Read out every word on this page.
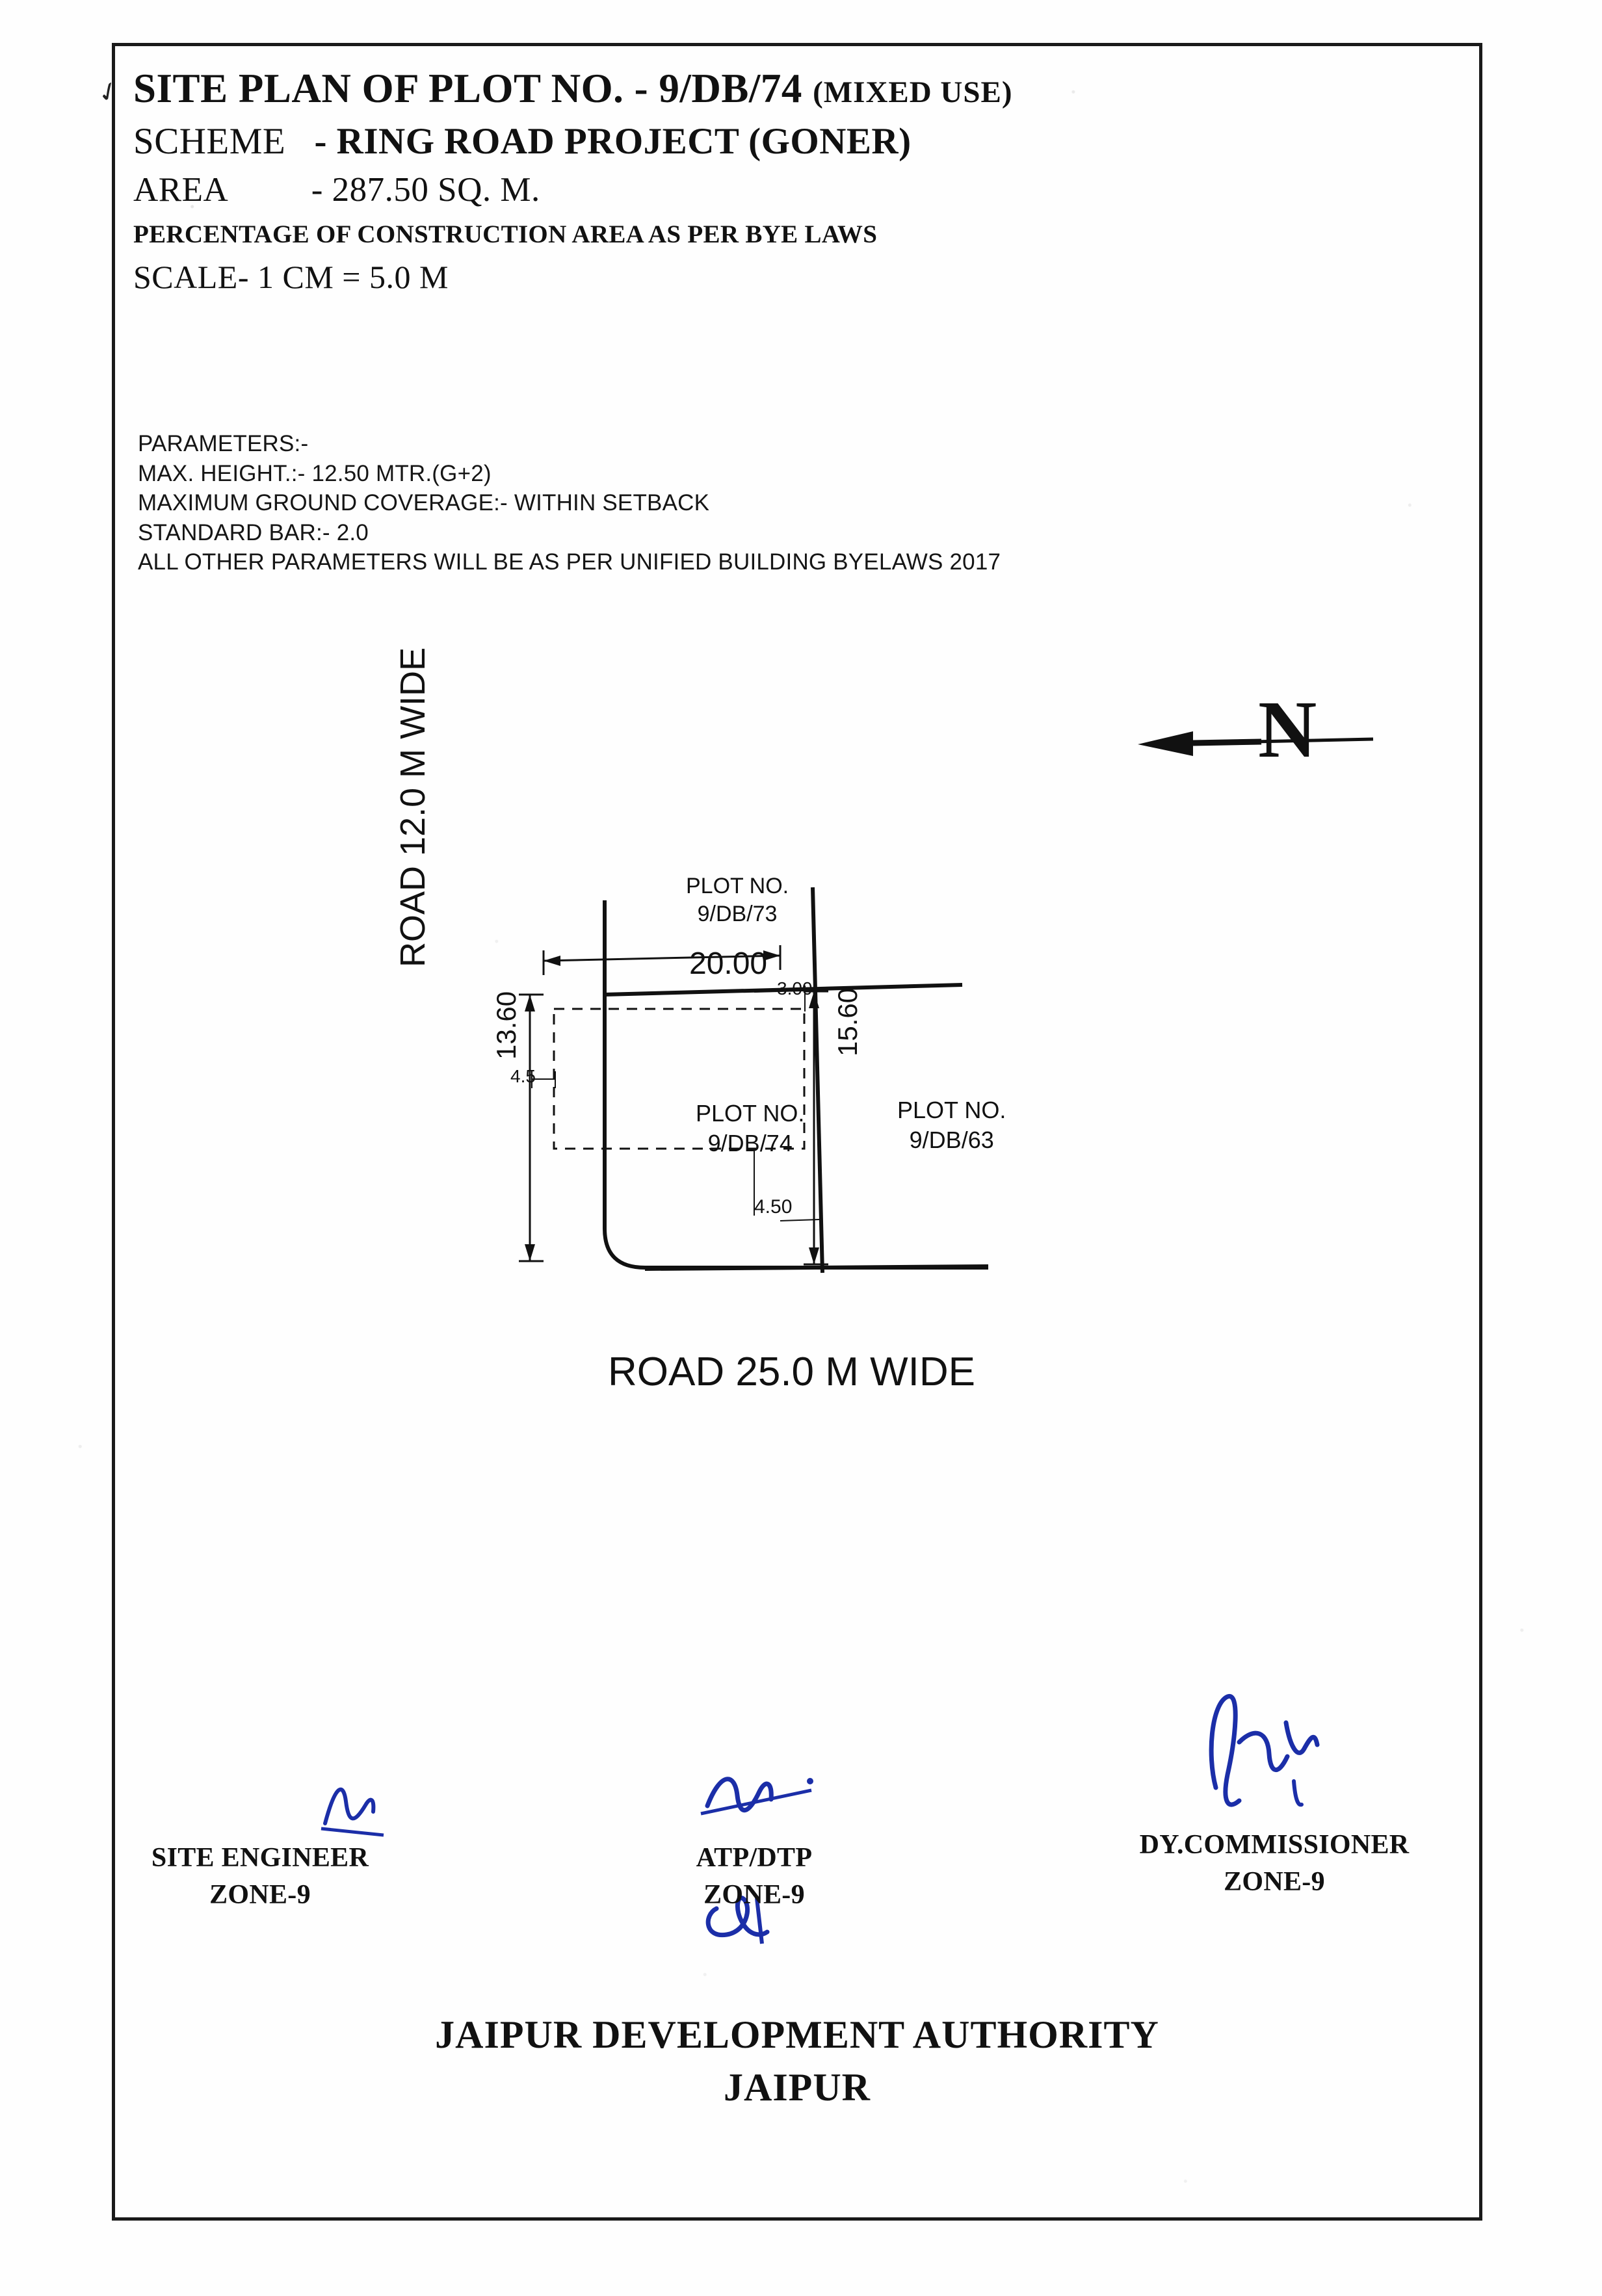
✓ SITE PLAN OF PLOT NO. - 9/DB/74 (MIXED USE)
SCHEME - RING ROAD PROJECT (GONER)
AREA - 287.50 SQ. M.
PERCENTAGE OF CONSTRUCTION AREA AS PER BYE LAWS
SCALE- 1 CM = 5.0 M
PARAMETERS:-
MAX. HEIGHT.:- 12.50 MTR.(G+2)
MAXIMUM GROUND COVERAGE:- WITHIN SETBACK
STANDARD BAR:- 2.0
ALL OTHER PARAMETERS WILL BE AS PER UNIFIED BUILDING BYELAWS 2017
N
ROAD 12.0 M WIDE
ROAD 25.0 M WIDE
PLOT NO.
9/DB/73
PLOT NO.
9/DB/74
PLOT NO.
9/DB/63
20.00
13.60	15.60
3.00
4.5
4.50
SITE ENGINEER
ZONE-9
ATP/DTP
ZONE-9
DY.COMMISSIONER
ZONE-9
JAIPUR DEVELOPMENT AUTHORITY
JAIPUR
